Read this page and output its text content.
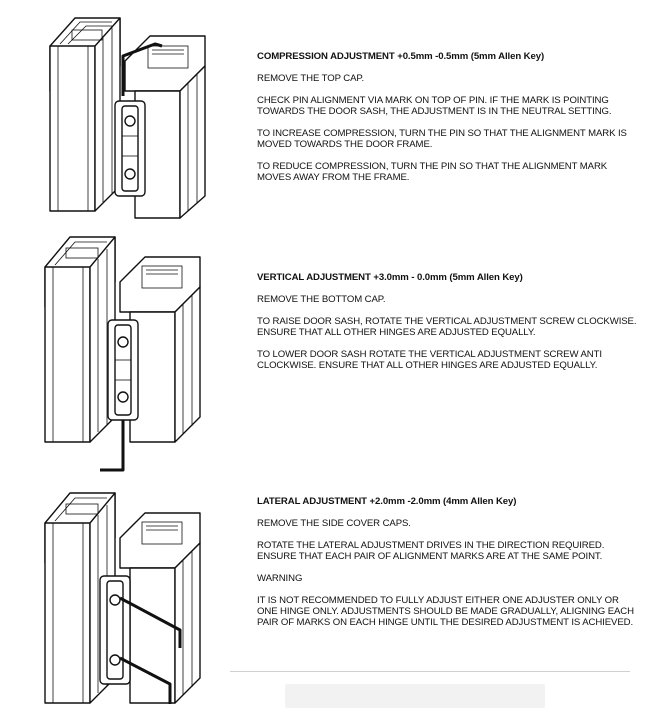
COMPRESSION ADJUSTMENT +0.5mm -0.5mm (5mm Allen Key)

REMOVE THE TOP CAP.

CHECK PIN ALIGNMENT VIA MARK ON TOP OF PIN. IF THE MARK IS POINTING TOWARDS THE DOOR SASH, THE ADJUSTMENT IS IN THE NEUTRAL SETTING.

TO INCREASE COMPRESSION, TURN THE PIN SO THAT THE ALIGNMENT MARK IS MOVED TOWARDS THE DOOR FRAME.

TO REDUCE COMPRESSION, TURN THE PIN SO THAT THE ALIGNMENT MARK MOVES AWAY FROM THE FRAME.

VERTICAL ADJUSTMENT +3.0mm - 0.0mm (5mm Allen Key)

REMOVE THE BOTTOM CAP.

TO RAISE DOOR SASH, ROTATE THE VERTICAL ADJUSTMENT SCREW CLOCKWISE. ENSURE THAT ALL OTHER HINGES ARE ADJUSTED EQUALLY.

TO LOWER DOOR SASH ROTATE THE VERTICAL ADJUSTMENT SCREW ANTI CLOCKWISE. ENSURE THAT ALL OTHER HINGES ARE ADJUSTED EQUALLY.

LATERAL ADJUSTMENT +2.0mm -2.0mm (4mm Allen Key)

REMOVE THE SIDE COVER CAPS.

ROTATE THE LATERAL ADJUSTMENT DRIVES IN THE DIRECTION REQUIRED. ENSURE THAT EACH PAIR OF ALIGNMENT MARKS ARE AT THE SAME POINT.

WARNING

IT IS NOT RECOMMENDED TO FULLY ADJUST EITHER ONE ADJUSTER ONLY OR ONE HINGE ONLY. ADJUSTMENTS SHOULD BE MADE GRADUALLY, ALIGNING EACH PAIR OF MARKS ON EACH HINGE UNTIL THE DESIRED ADJUSTMENT IS ACHIEVED.
